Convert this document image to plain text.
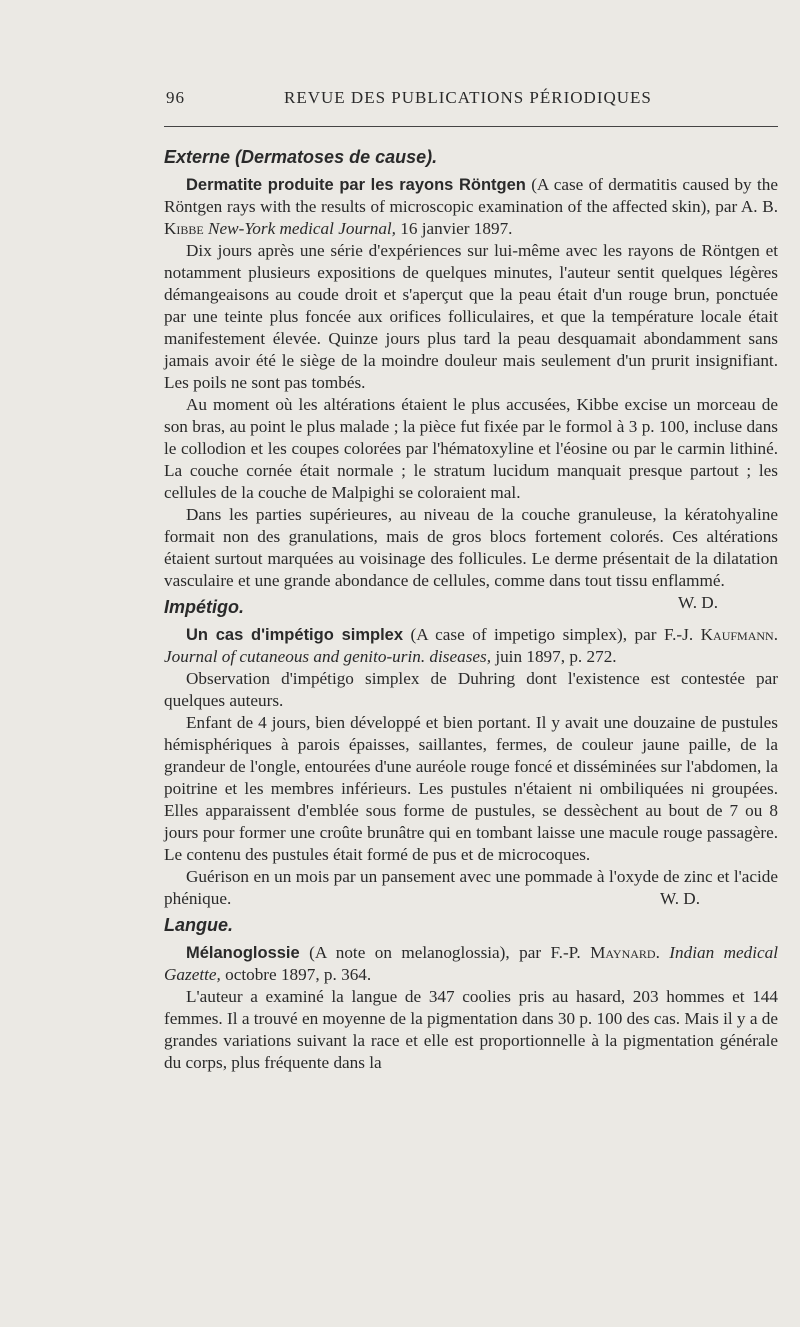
96	REVUE DES PUBLICATIONS PÉRIODIQUES
Externe (Dermatoses de cause).

Dermatite produite par les rayons Röntgen (A case of dermatitis caused by the Röntgen rays with the results of microscopic examination of the affected skin), par A. B. Kibbe New-York medical Journal, 16 janvier 1897.

Dix jours après une série d'expériences sur lui-même avec les rayons de Röntgen et notamment plusieurs expositions de quelques minutes, l'auteur sentit quelques légères démangeaisons au coude droit et s'aperçut que la peau était d'un rouge brun, ponctuée par une teinte plus foncée aux orifices folliculaires, et que la température locale était manifestement élevée. Quinze jours plus tard la peau desquamait abondamment sans jamais avoir été le siège de la moindre douleur mais seulement d'un prurit insignifiant. Les poils ne sont pas tombés.

Au moment où les altérations étaient le plus accusées, Kibbe excise un morceau de son bras, au point le plus malade ; la pièce fut fixée par le formol à 3 p. 100, incluse dans le collodion et les coupes colorées par l'hématoxyline et l'éosine ou par le carmin lithiné. La couche cornée était normale ; le stratum lucidum manquait presque partout ; les cellules de la couche de Malpighi se coloraient mal.

Dans les parties supérieures, au niveau de la couche granuleuse, la kératohyaline formait non des granulations, mais de gros blocs fortement colorés. Ces altérations étaient surtout marquées au voisinage des follicules. Le derme présentait de la dilatation vasculaire et une grande abondance de cellules, comme dans tout tissu enflammé.
W. D.

Impétigo.

Un cas d'impétigo simplex (A case of impetigo simplex), par F.-J. Kaufmann. Journal of cutaneous and genito-urin. diseases, juin 1897, p. 272.

Observation d'impétigo simplex de Duhring dont l'existence est contestée par quelques auteurs.

Enfant de 4 jours, bien développé et bien portant. Il y avait une douzaine de pustules hémisphériques à parois épaisses, saillantes, fermes, de couleur jaune paille, de la grandeur de l'ongle, entourées d'une auréole rouge foncé et disséminées sur l'abdomen, la poitrine et les membres inférieurs. Les pustules n'étaient ni ombiliquées ni groupées. Elles apparaissent d'emblée sous forme de pustules, se dessèchent au bout de 7 ou 8 jours pour former une croûte brunâtre qui en tombant laisse une macule rouge passagère. Le contenu des pustules était formé de pus et de microcoques.

Guérison en un mois par un pansement avec une pommade à l'oxyde de zinc et l'acide phénique.	W. D.

Langue.

Mélanoglossie (A note on melanoglossia), par F.-P. Maynard. Indian medical Gazette, octobre 1897, p. 364.

L'auteur a examiné la langue de 347 coolies pris au hasard, 203 hommes et 144 femmes. Il a trouvé en moyenne de la pigmentation dans 30 p. 100 des cas. Mais il y a de grandes variations suivant la race et elle est proportionnelle à la pigmentation générale du corps, plus fréquente dans la
